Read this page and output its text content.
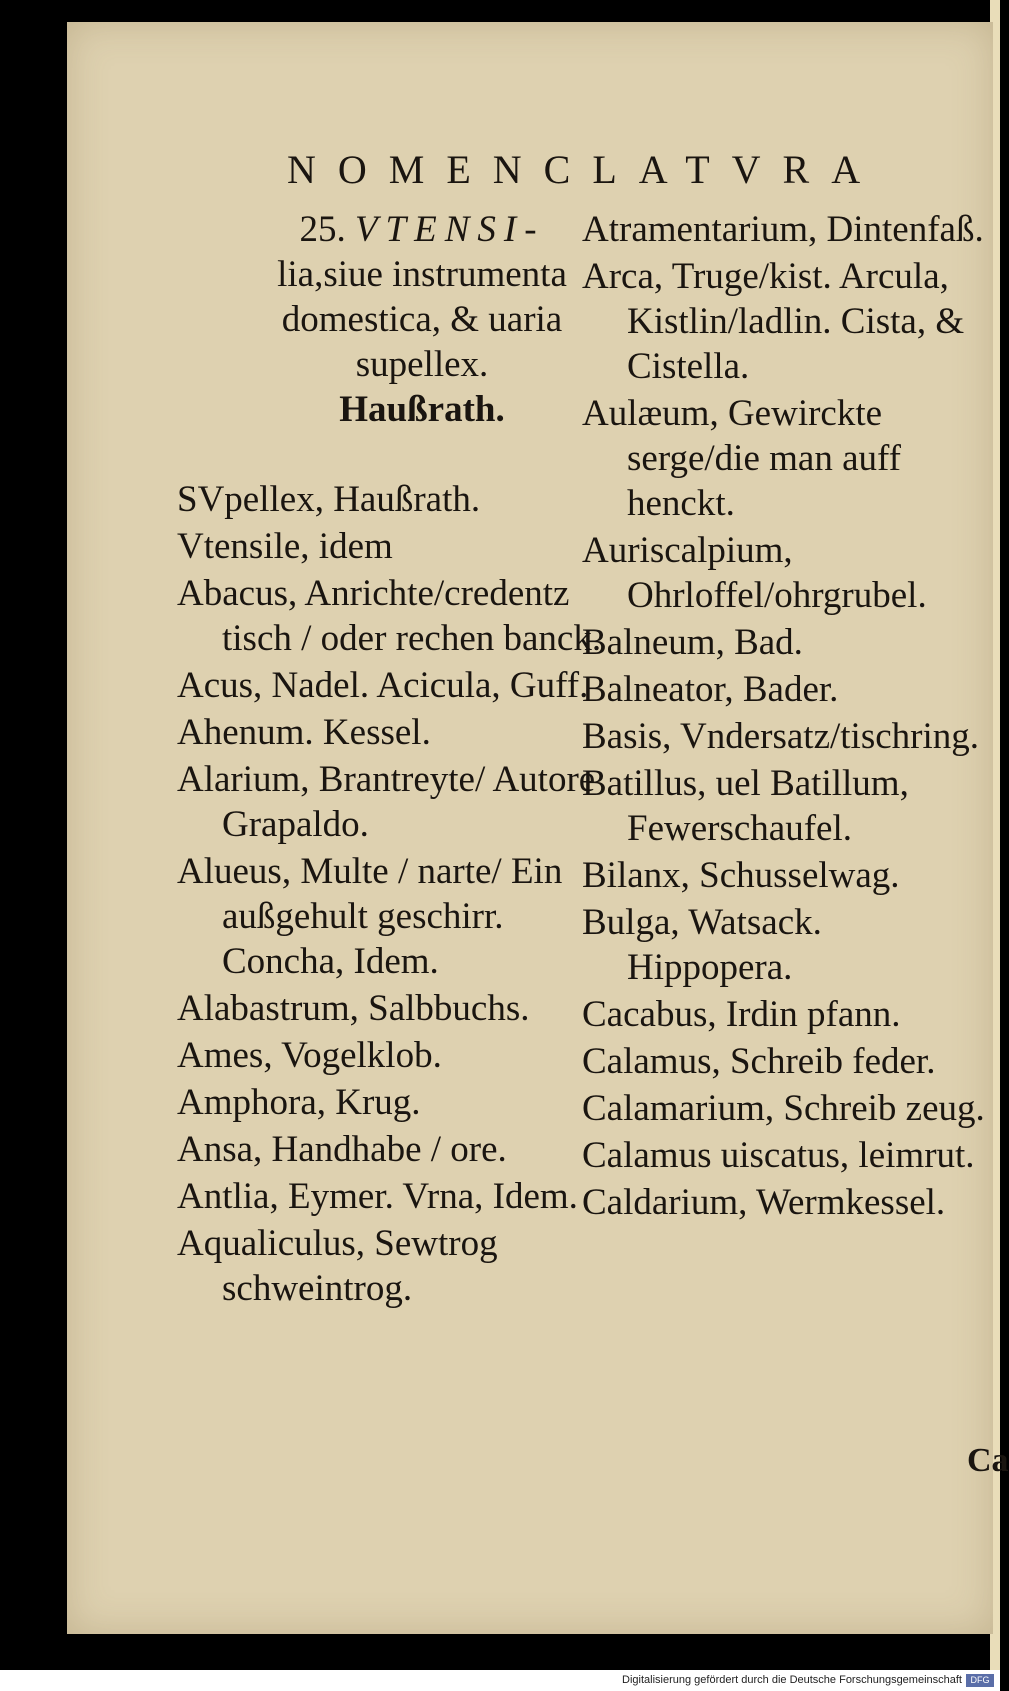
NOMENCLATVRA
25. VTENSI-
lia,siue instrumenta domestica, & uaria supellex.
Haußrath.
SVpellex, Haußrath.
Vtensile, idem
Abacus, Anrichte/credentz tisch / oder rechen banck.
Acus, Nadel. Acicula, Guff.
Ahenum. Kessel.
Alarium, Brantreyte/ Autore Grapaldo.
Alueus, Multe / narte/ Ein außgehult geschirr. Concha, Idem.
Alabastrum, Salbbuchs.
Ames, Vogelklob.
Amphora, Krug.
Ansa, Handhabe / ore.
Antlia, Eymer. Vrna, Idem.
Aqualiculus, Sewtrog schweintrog.
Atramentarium, Dintenfaß.
Arca, Truge/kist. Arcula, Kistlin/ladlin. Cista, & Cistella.
Aulæum, Gewirckte serge/die man auff henckt.
Auriscalpium, Ohrloffel/ohrgrubel.
Balneum, Bad.
Balneator, Bader.
Basis, Vndersatz/tischring.
Batillus, uel Batillum, Fewerschaufel.
Bilanx, Schusselwag.
Bulga, Watsack. Hippopera.
Cacabus, Irdin pfann.
Calamus, Schreib feder.
Calamarium, Schreib zeug.
Calamus uiscatus, leimrut.
Caldarium, Wermkessel.
Ca
Digitalisierung gefördert durch die Deutsche Forschungsgemeinschaft DFG
